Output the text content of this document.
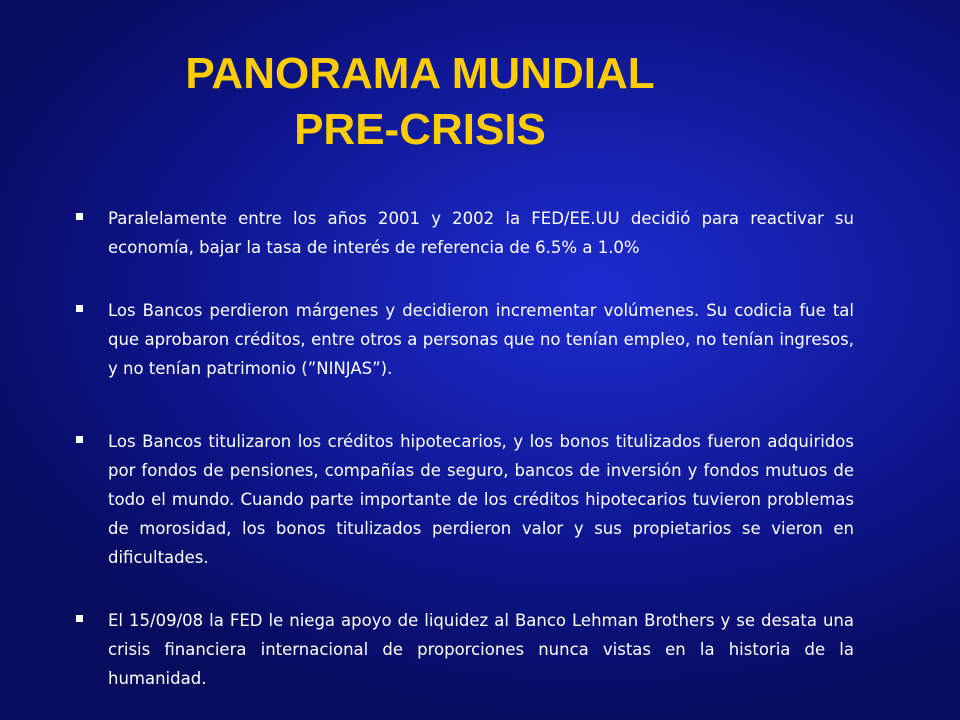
PANORAMA MUNDIAL
PRE-CRISIS
Paralelamente entre los años 2001 y 2002 la FED/EE.UU decidió para reactivar su economía, bajar la tasa de interés de referencia de 6.5% a 1.0%
Los Bancos perdieron márgenes y decidieron incrementar volúmenes. Su codicia fue tal que aprobaron créditos, entre otros a personas que no tenían empleo, no tenían ingresos, y no tenían patrimonio (”NINJAS”).
Los Bancos titulizaron los créditos hipotecarios, y los bonos titulizados fueron adquiridos por fondos de pensiones, compañías de seguro, bancos de inversión y fondos mutuos de todo el mundo. Cuando parte importante de los créditos hipotecarios tuvieron problemas de morosidad, los bonos titulizados perdieron valor y sus propietarios se vieron en dificultades.
El 15/09/08 la FED le niega apoyo de liquidez al Banco Lehman Brothers y se desata una crisis financiera internacional de proporciones nunca vistas en la historia de la humanidad.
